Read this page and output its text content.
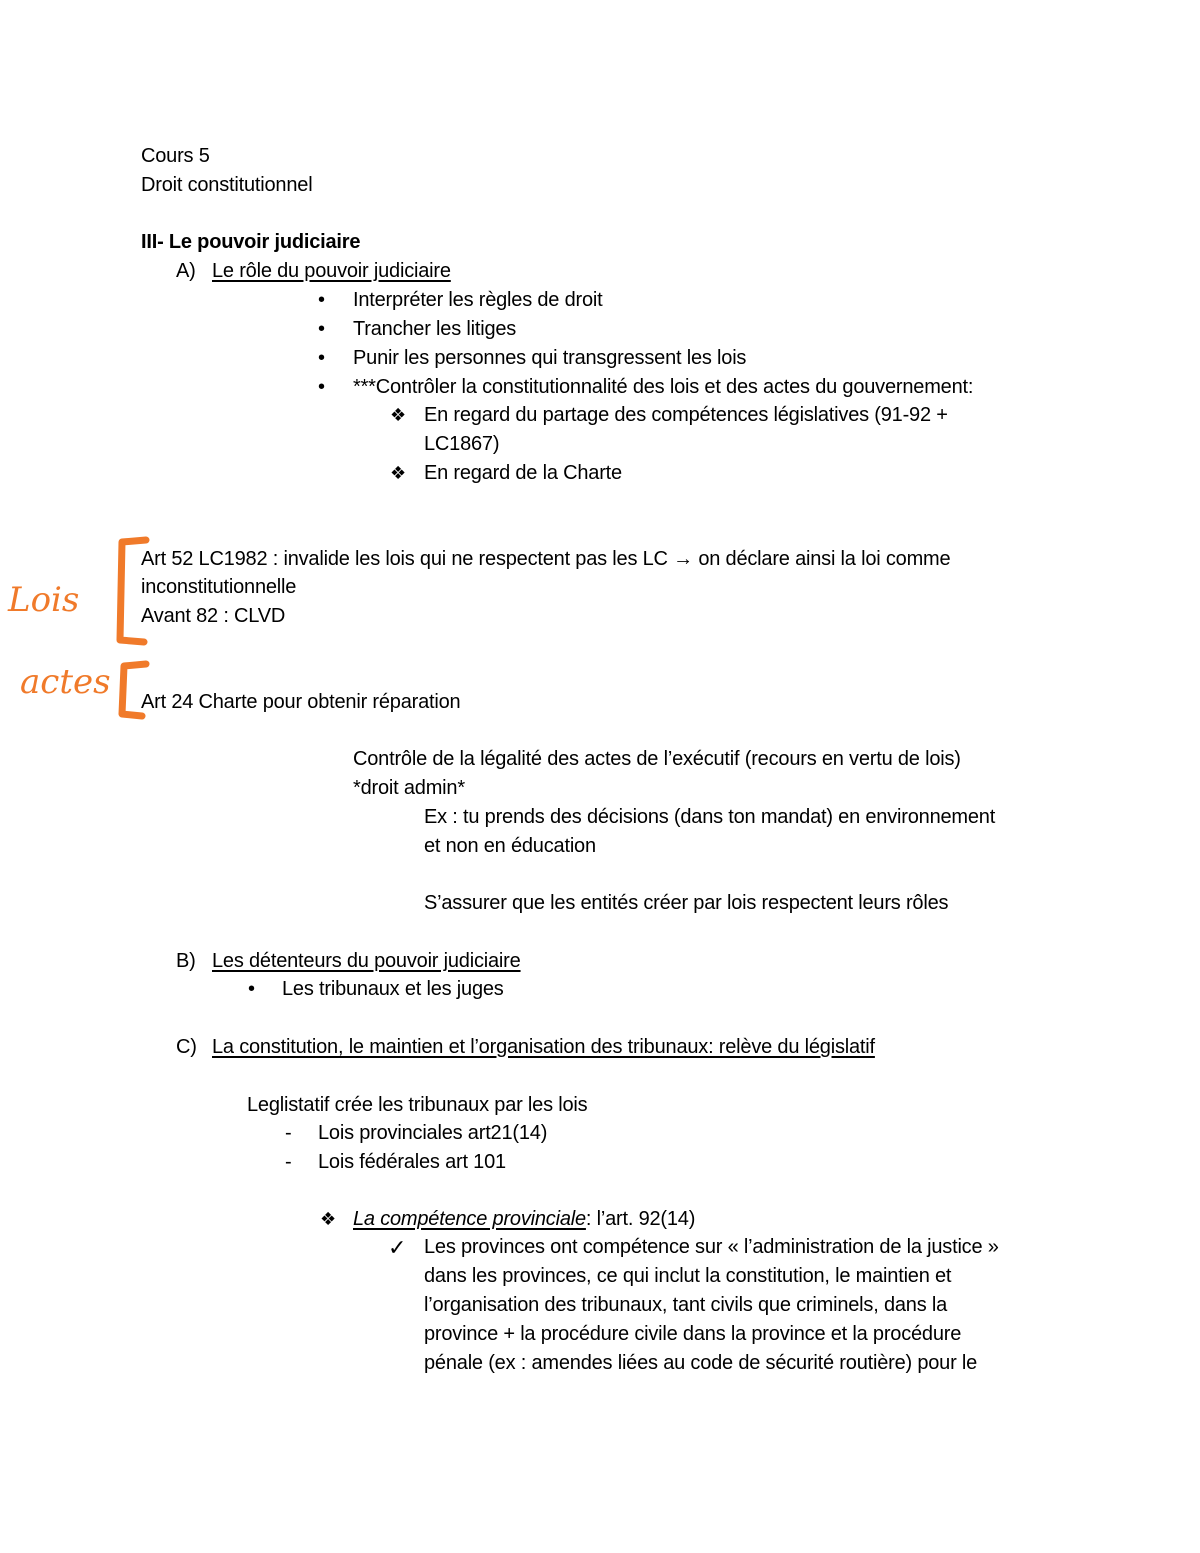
Cours 5
Droit constitutionnel
III- Le pouvoir judiciaire
A) Le rôle du pouvoir judiciaire
• Interpréter les règles de droit
• Trancher les litiges
• Punir les personnes qui transgressent les lois
• ***Contrôler la constitutionnalité des lois et des actes du gouvernement:
❖ En regard du partage des compétences législatives (91-92 +
LC1867)
❖ En regard de la Charte
Lois
Art 52 LC1982 : invalide les lois qui ne respectent pas les LC → on déclare ainsi la loi comme
inconstitutionnelle
Avant 82 : CLVD
actes Art 24 Charte pour obtenir réparation
Contrôle de la légalité des actes de l’exécutif (recours en vertu de lois)
*droit admin*
Ex : tu prends des décisions (dans ton mandat) en environnement
et non en éducation
S’assurer que les entités créer par lois respectent leurs rôles
B) Les détenteurs du pouvoir judiciaire
• Les tribunaux et les juges
C) La constitution, le maintien et l’organisation des tribunaux: relève du législatif
Leglistatif crée les tribunaux par les lois
- Lois provinciales art21(14)
- Lois fédérales art 101
❖ La compétence provinciale: l’art. 92(14)
✓ Les provinces ont compétence sur « l’administration de la justice »
dans les provinces, ce qui inclut la constitution, le maintien et
l’organisation des tribunaux, tant civils que criminels, dans la
province + la procédure civile dans la province et la procédure
pénale (ex : amendes liées au code de sécurité routière) pour le
